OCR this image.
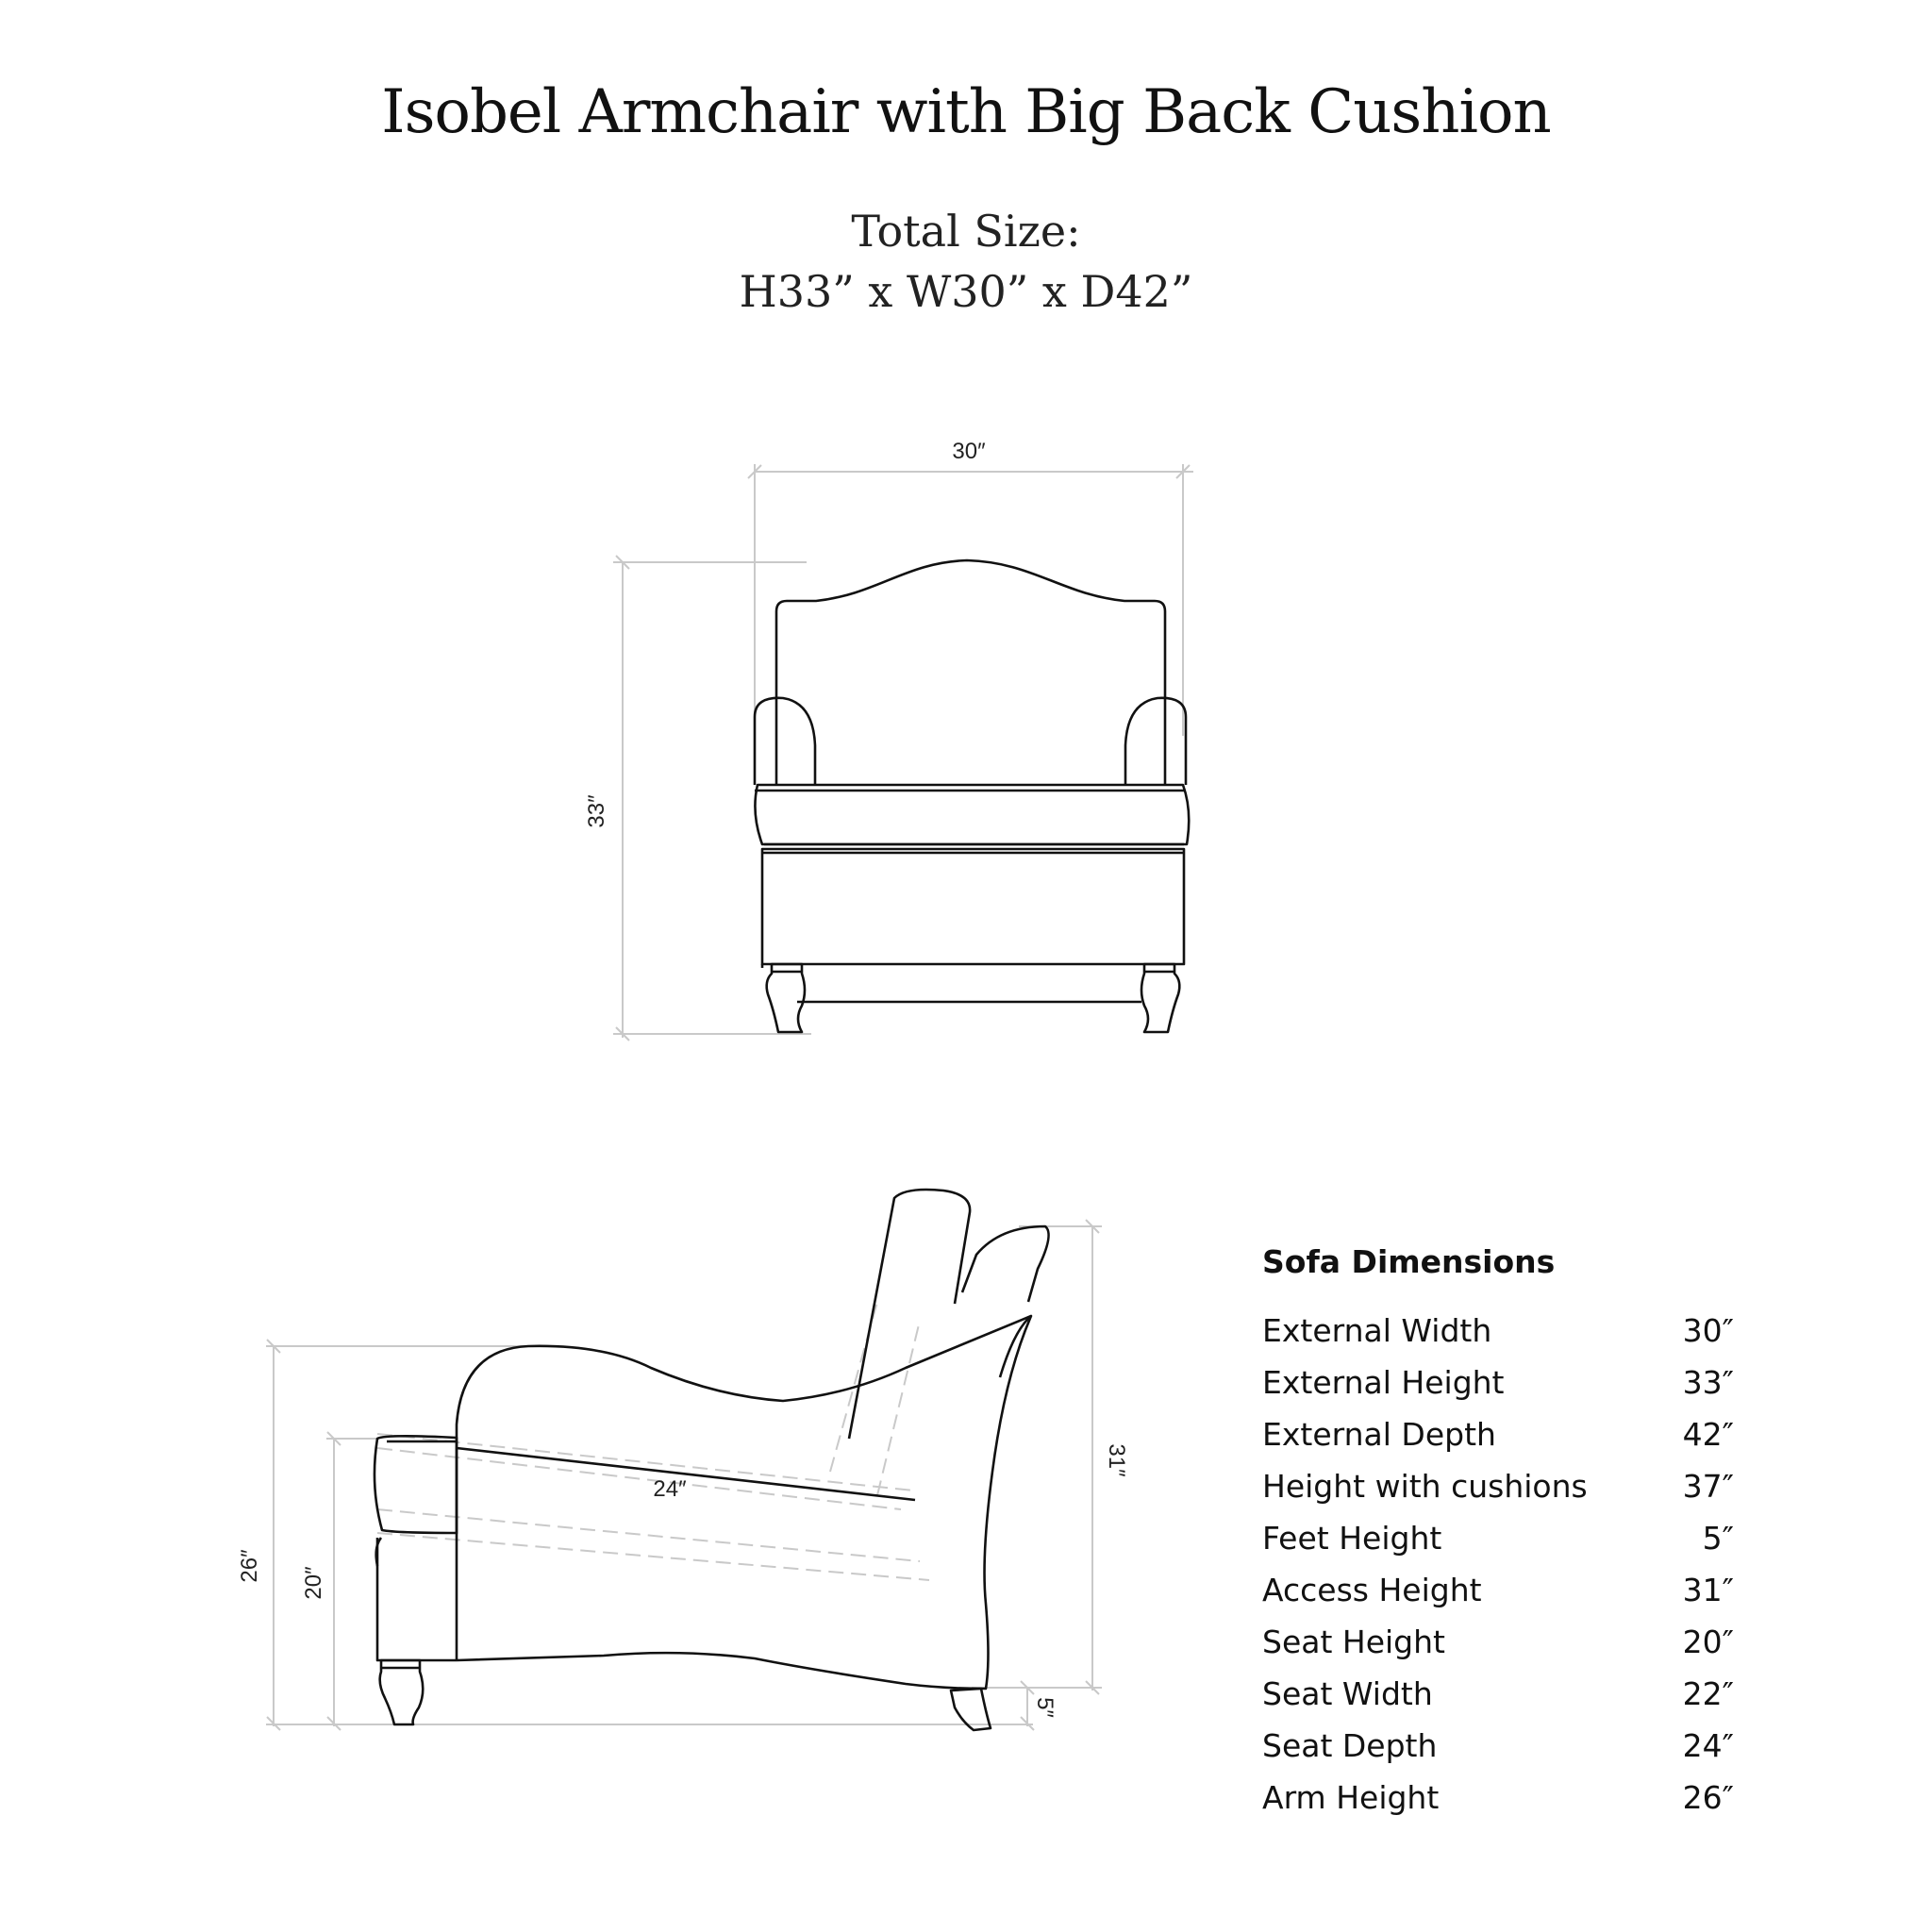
Isobel Armchair with Big Back Cushion
Total Size:
H33” x W30” x D42”
30″
33″
24″
31″
26″
20″
5″
Sofa Dimensions
External Width	30″
External Height	33″
External Depth	42″
Height with cushions	37″
Feet Height	5″
Access Height	31″
Seat Height	20″
Seat Width	22″
Seat Depth	24″
Arm Height	26″
